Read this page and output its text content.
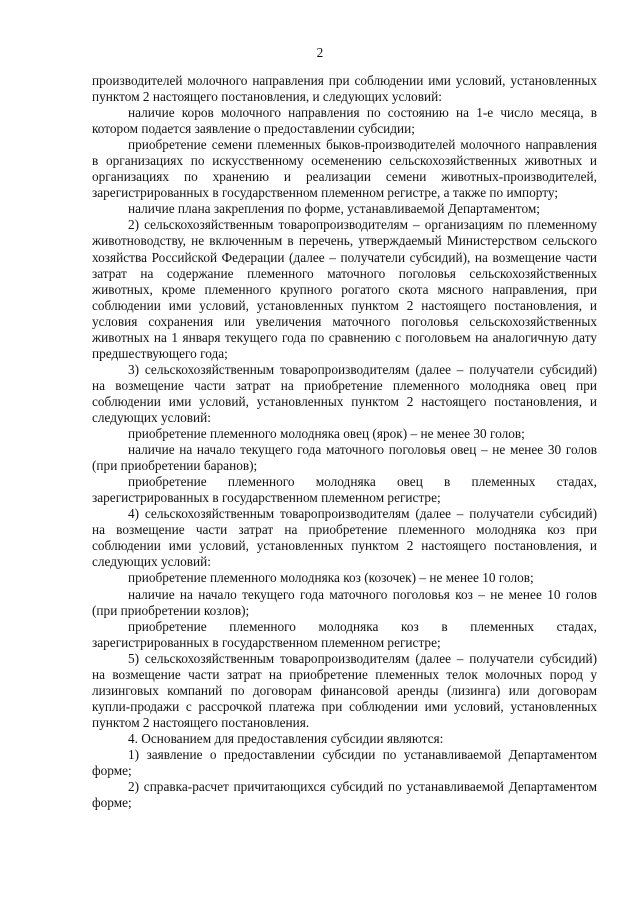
2

производителей молочного направления при соблюдении ими условий, установленных пунктом 2 настоящего постановления, и следующих условий:

наличие коров молочного направления по состоянию на 1-е число месяца, в котором подается заявление о предоставлении субсидии;

приобретение семени племенных быков-производителей молочного направления в организациях по искусственному осеменению сельскохозяйственных животных и организациях по хранению и реализации семени животных-производителей, зарегистрированных в государственном племенном регистре, а также по импорту;

наличие плана закрепления по форме, устанавливаемой Департаментом;

2) сельскохозяйственным товаропроизводителям – организациям по племенному животноводству, не включенным в перечень, утверждаемый Министерством сельского хозяйства Российской Федерации (далее – получатели субсидий), на возмещение части затрат на содержание племенного маточного поголовья сельскохозяйственных животных, кроме племенного крупного рогатого скота мясного направления, при соблюдении ими условий, установленных пунктом 2 настоящего постановления, и условия сохранения или увеличения маточного поголовья сельскохозяйственных животных на 1 января текущего года по сравнению с поголовьем на аналогичную дату предшествующего года;

3) сельскохозяйственным товаропроизводителям (далее – получатели субсидий) на возмещение части затрат на приобретение племенного молодняка овец при соблюдении ими условий, установленных пунктом 2 настоящего постановления, и следующих условий:

приобретение племенного молодняка овец (ярок) – не менее 30 голов;

наличие на начало текущего года маточного поголовья овец – не менее 30 голов (при приобретении баранов);

приобретение племенного молодняка овец в племенных стадах, зарегистрированных в государственном племенном регистре;

4) сельскохозяйственным товаропроизводителям (далее – получатели субсидий) на возмещение части затрат на приобретение племенного молодняка коз при соблюдении ими условий, установленных пунктом 2 настоящего постановления, и следующих условий:

приобретение племенного молодняка коз (козочек) – не менее 10 голов;

наличие на начало текущего года маточного поголовья коз – не менее 10 голов (при приобретении козлов);

приобретение племенного молодняка коз в племенных стадах, зарегистрированных в государственном племенном регистре;

5) сельскохозяйственным товаропроизводителям (далее – получатели субсидий) на возмещение части затрат на приобретение племенных телок молочных пород у лизинговых компаний по договорам финансовой аренды (лизинга) или договорам купли-продажи с рассрочкой платежа при соблюдении ими условий, установленных пунктом 2 настоящего постановления.

4. Основанием для предоставления субсидии являются:

1) заявление о предоставлении субсидии по устанавливаемой Департаментом форме;

2) справка-расчет причитающихся субсидий по устанавливаемой Департаментом форме;
